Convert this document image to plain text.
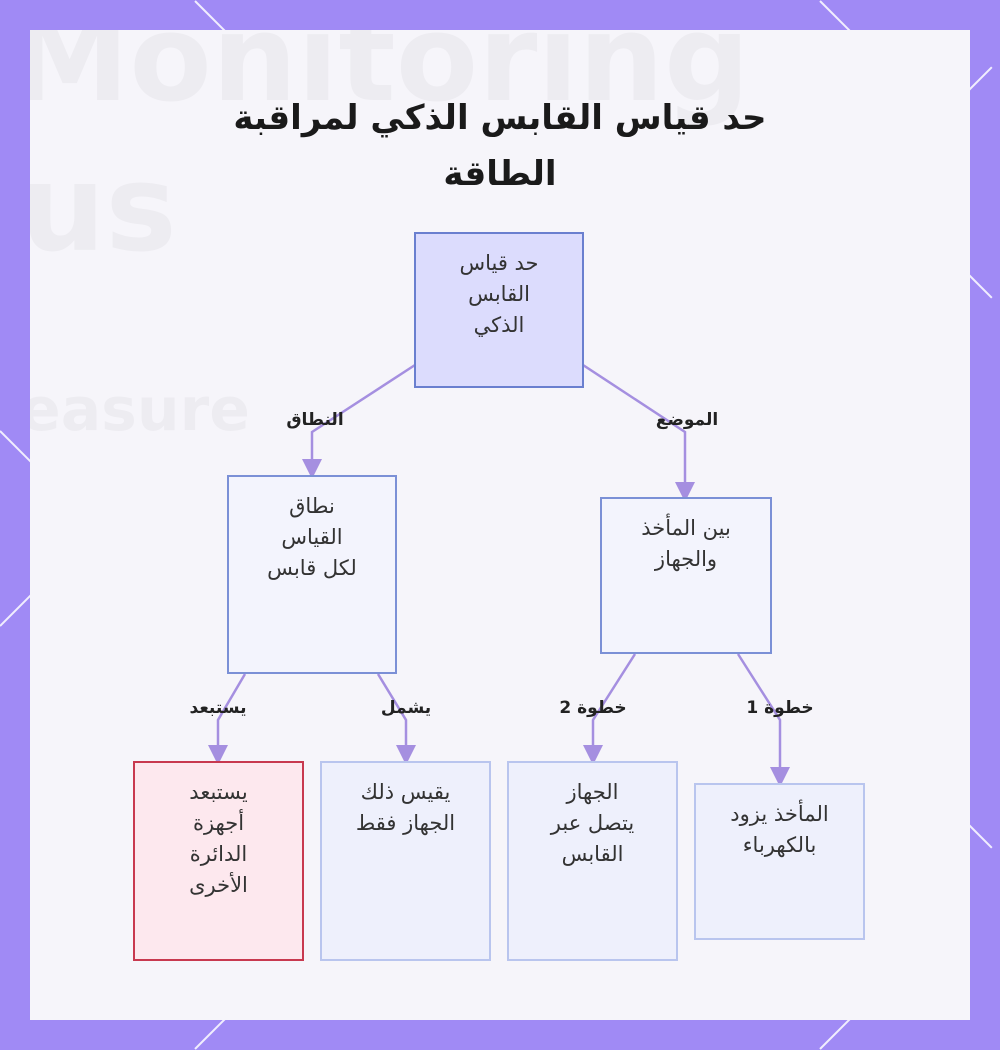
حد قياس القابس الذكي لمراقبة الطاقة
حد قياس
القابس
الذكي
نطاق
القياس
لكل قابس
بين المأخذ
والجهاز
يستبعد
أجهزة
الدائرة
الأخرى
يقيس ذلك
الجهاز فقط
الجهاز
يتصل عبر
القابس
المأخذ يزود
بالكهرباء
النطاق	الموضع
يستبعد	يشمل	خطوة 2	خطوة 1
